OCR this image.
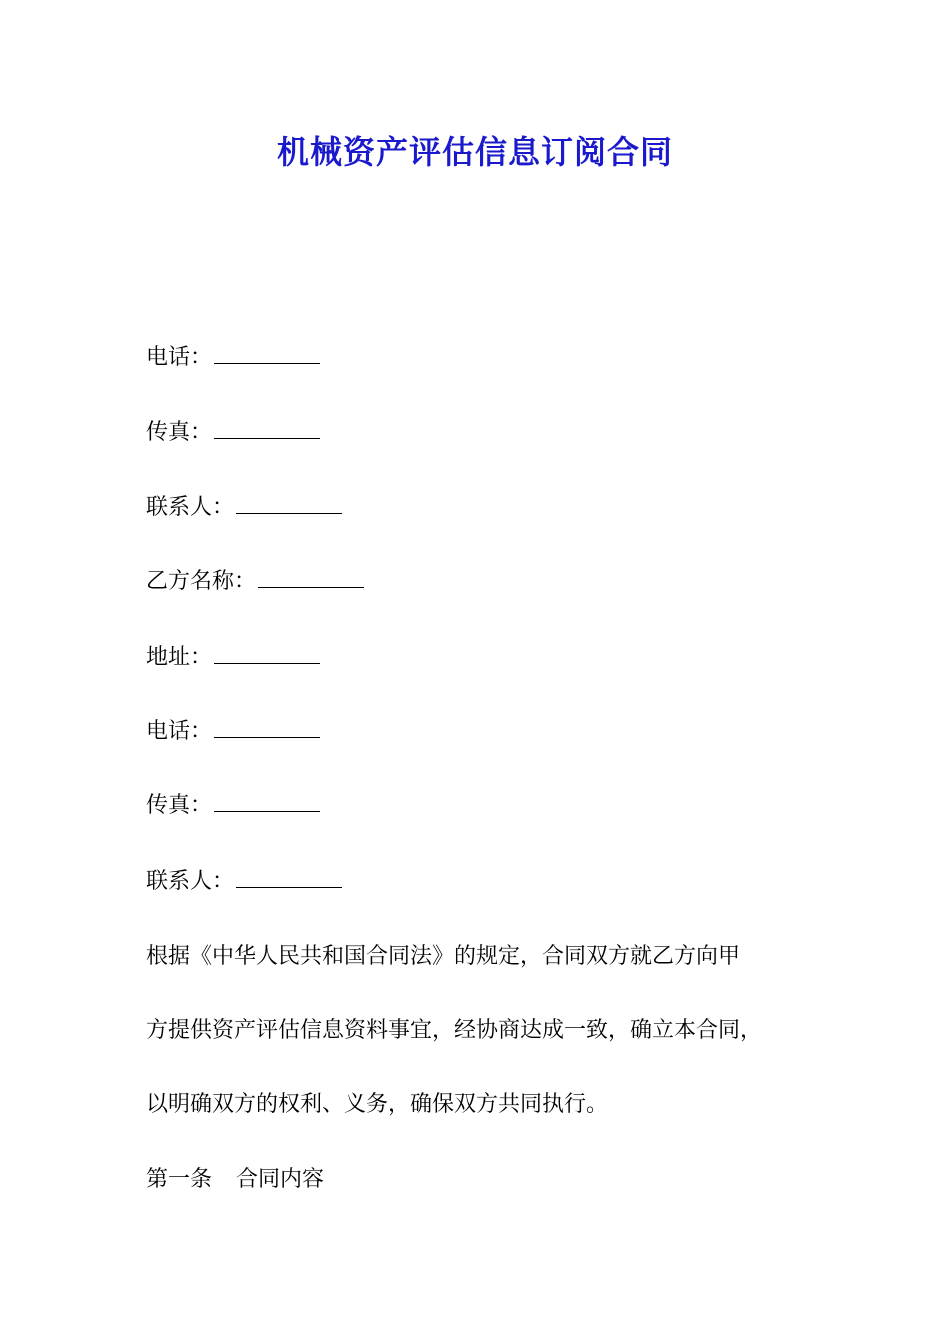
机械资产评估信息订阅合同
电话：
传真：
联系人：
乙方名称：
地址：
电话：
传真：
联系人：
根据《中华人民共和国合同法》的规定，合同双方就乙方向甲
方提供资产评估信息资料事宜，经协商达成一致，确立本合同，
以明确双方的权利、义务，确保双方共同执行。
第一条 合同内容
